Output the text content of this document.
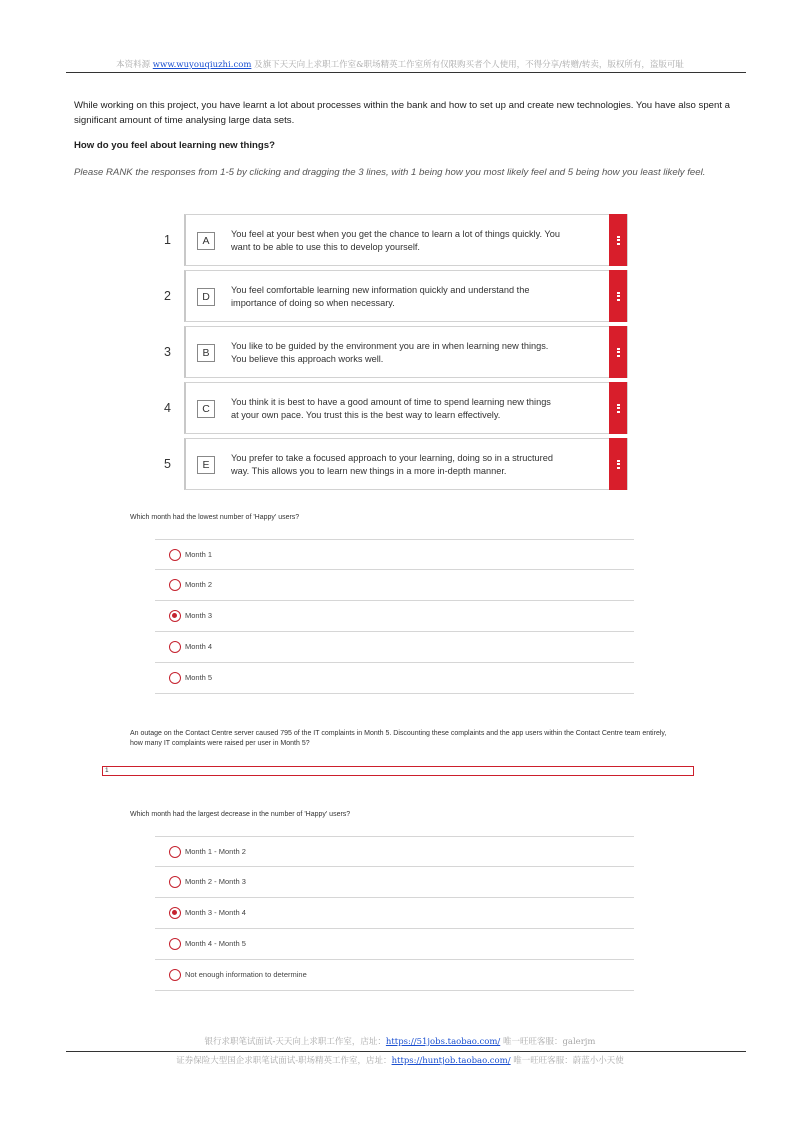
本资料源 www.wuyouqiuzhi.com 及旗下天天向上求职工作室&职场精英工作室所有仅限购买者个人使用，不得分享/转赠/转卖，版权所有，盗版可耻

While working on this project, you have learnt a lot about processes within the bank and how to set up and create new technologies. You have also spent a significant amount of time analysing large data sets.

How do you feel about learning new things?

Please RANK the responses from 1-5 by clicking and dragging the 3 lines, with 1 being how you most likely feel and 5 being how you least likely feel.

1	A
You feel at your best when you get the chance to learn a lot of things quickly. You want to be able to use this to develop yourself.
2	D
You feel comfortable learning new information quickly and understand the importance of doing so when necessary.
3	B
You like to be guided by the environment you are in when learning new things. You believe this approach works well.
4	C
You think it is best to have a good amount of time to spend learning new things at your own pace. You trust this is the best way to learn effectively.
5	E
You prefer to take a focused approach to your learning, doing so in a structured way. This allows you to learn new things in a more in-depth manner.
Which month had the lowest number of 'Happy' users?
Month 1
Month 2
Month 3
Month 4
Month 5

An outage on the Contact Centre server caused 795 of the IT complaints in Month 5. Discounting these complaints and the app users within the Contact Centre team entirely, how many IT complaints were raised per user in Month 5?

1
Which month had the largest decrease in the number of 'Happy' users?
Month 1 - Month 2
Month 2 - Month 3
Month 3 - Month 4
Month 4 - Month 5
Not enough information to determine
银行求职笔试面试-天天向上求职工作室，店址：https://51jobs.taobao.com/ 唯一旺旺客服：galerjm
证券保险大型国企求职笔试面试-职场精英工作室，店址：https://huntjob.taobao.com/ 唯一旺旺客服：蔚蓝小小天使
